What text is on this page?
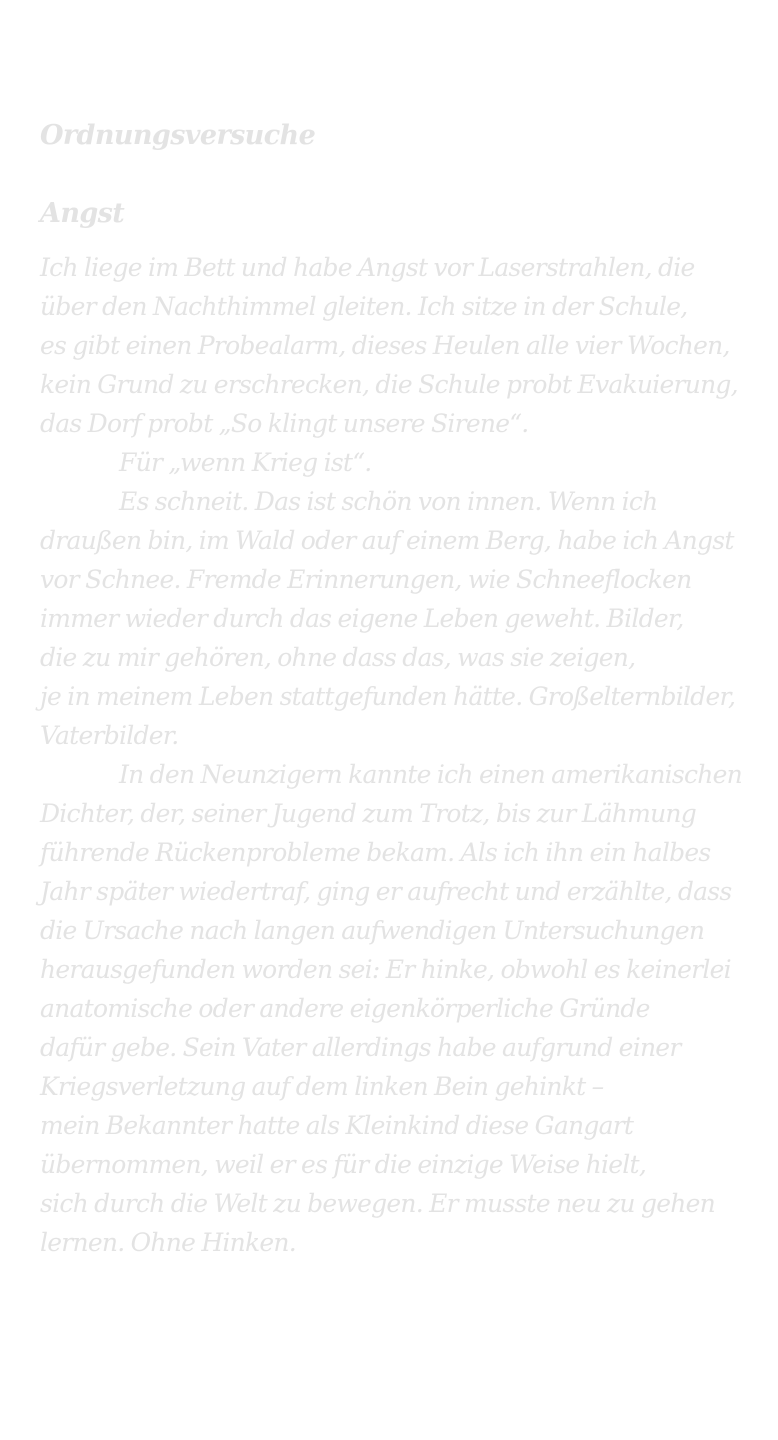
Ordnungsversuche
Angst
Ich liege im Bett und habe Angst vor Laserstrahlen, die
über den Nachthimmel gleiten. Ich sitze in der Schule,
es gibt einen Probealarm, dieses Heulen alle vier Wochen,
kein Grund zu erschrecken, die Schule probt Evakuierung,
das Dorf probt „So klingt unsere Sirene“.
Für „wenn Krieg ist“.
Es schneit. Das ist schön von innen. Wenn ich
draußen bin, im Wald oder auf einem Berg, habe ich Angst
vor Schnee. Fremde Erinnerungen, wie Schneeflocken
immer wieder durch das eigene Leben geweht. Bilder,
die zu mir gehören, ohne dass das, was sie zeigen,
je in meinem Leben stattgefunden hätte. Großelternbilder,
Vaterbilder.
In den Neunzigern kannte ich einen amerikanischen
Dichter, der, seiner Jugend zum Trotz, bis zur Lähmung
führende Rückenprobleme bekam. Als ich ihn ein halbes
Jahr später wiedertraf, ging er aufrecht und erzählte, dass
die Ursache nach langen aufwendigen Untersuchungen
herausgefunden worden sei: Er hinke, obwohl es keinerlei
anatomische oder andere eigenkörperliche Gründe
dafür gebe. Sein Vater allerdings habe aufgrund einer
Kriegsverletzung auf dem linken Bein gehinkt –
mein Bekannter hatte als Kleinkind diese Gangart
übernommen, weil er es für die einzige Weise hielt,
sich durch die Welt zu bewegen. Er musste neu zu gehen
lernen. Ohne Hinken.
